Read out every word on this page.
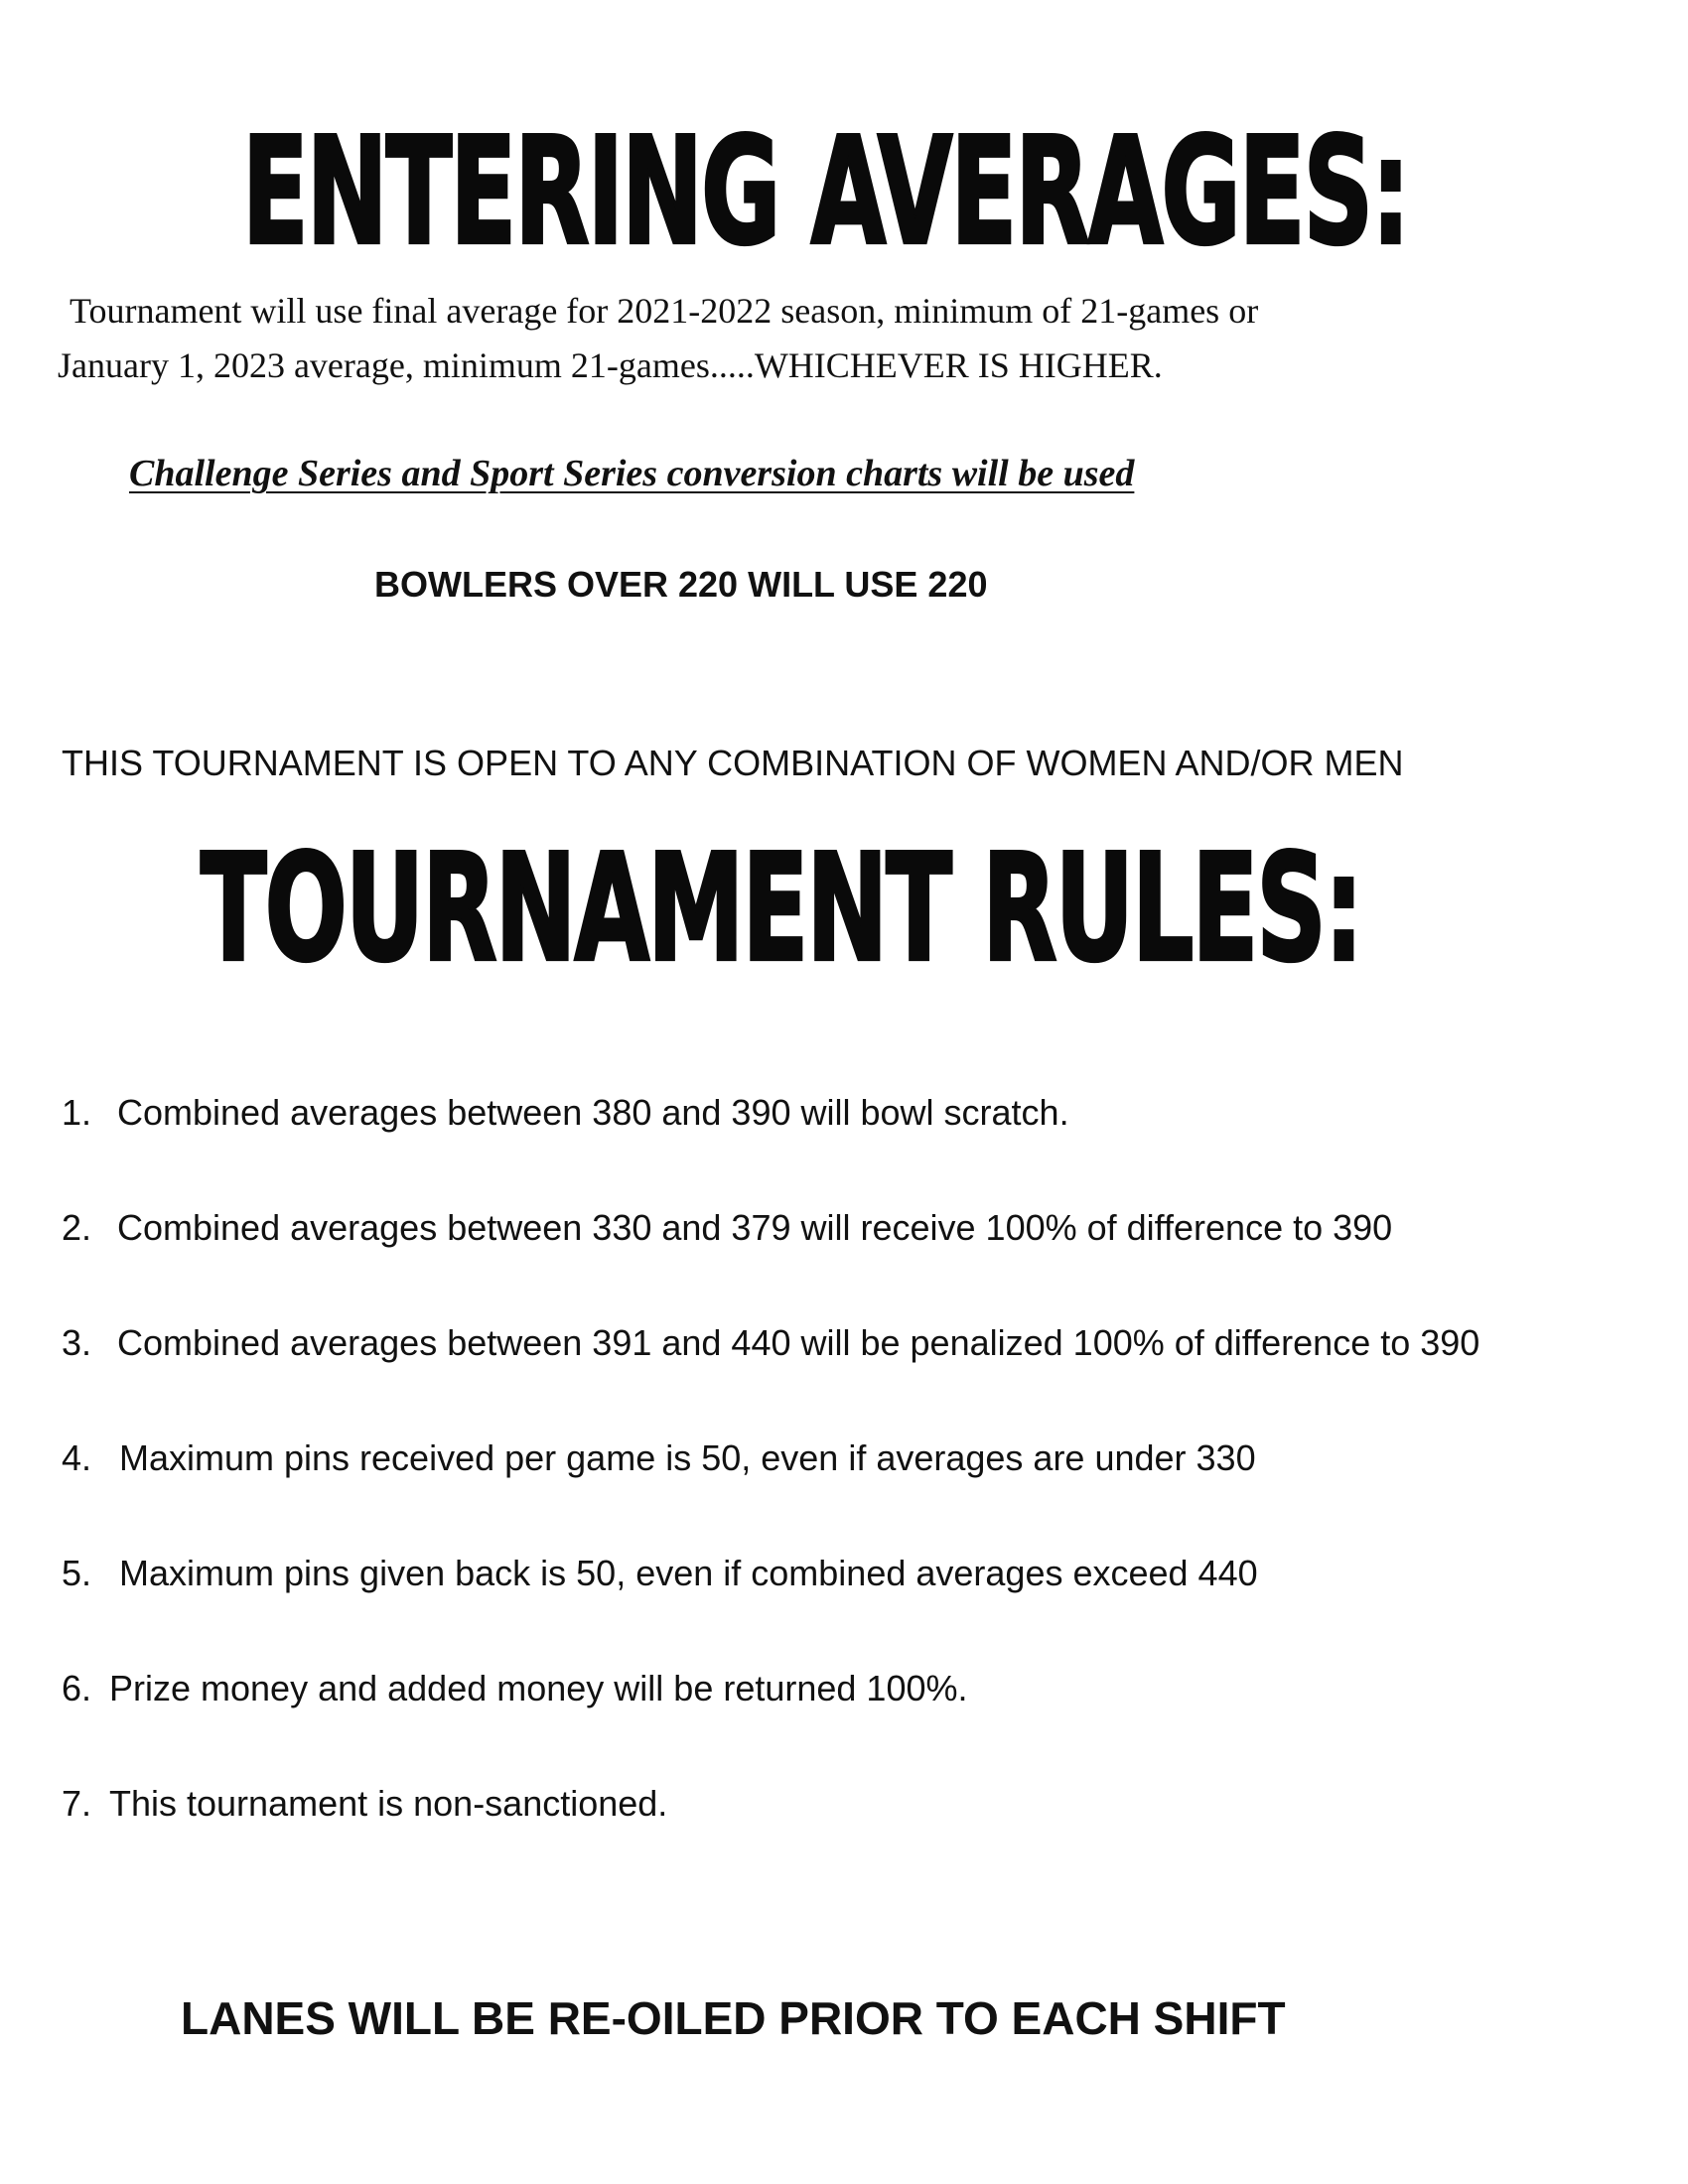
ENTERING AVERAGES:
Tournament will use final average for 2021-2022 season, minimum of 21-games or
January 1, 2023 average, minimum 21-games.....WHICHEVER IS HIGHER.
Challenge Series and Sport Series conversion charts will be used
BOWLERS OVER 220 WILL USE 220
THIS TOURNAMENT IS OPEN TO ANY COMBINATION OF WOMEN AND/OR MEN
TOURNAMENT RULES:
1. Combined averages between 380 and 390 will bowl scratch.
2. Combined averages between 330 and 379 will receive 100% of difference to 390
3. Combined averages between 391 and 440 will be penalized 100% of difference to 390
4. Maximum pins received per game is 50, even if averages are under 330
5. Maximum pins given back is 50, even if combined averages exceed 440
6. Prize money and added money will be returned 100%.
7. This tournament is non-sanctioned.
LANES WILL BE RE-OILED PRIOR TO EACH SHIFT
